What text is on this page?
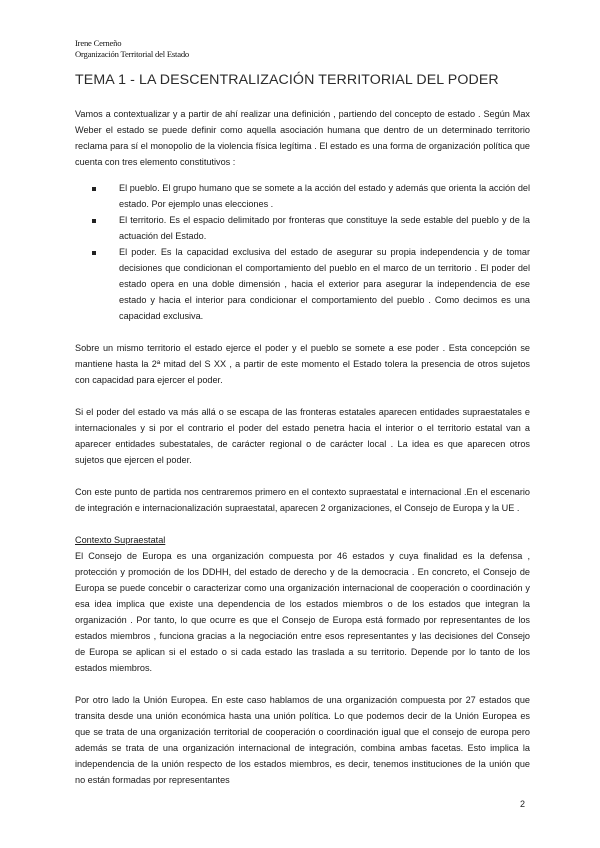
Irene Cerneño
Organización Territorial del Estado
TEMA 1 - LA DESCENTRALIZACIÓN TERRITORIAL DEL PODER

Vamos a contextualizar y a partir de ahí realizar una definición , partiendo del concepto de estado . Según Max Weber el estado se puede definir como aquella asociación humana que dentro de un determinado territorio reclama para sí el monopolio de la violencia física legítima . El estado es una forma de organización política que cuenta con tres elemento constitutivos :

El pueblo. El grupo humano que se somete a la acción del estado y además que orienta la acción del estado. Por ejemplo unas elecciones .
El territorio. Es el espacio delimitado por fronteras que constituye la sede estable del pueblo y de la actuación del Estado.
El poder. Es la capacidad exclusiva del estado de asegurar su propia independencia y de tomar decisiones que condicionan el comportamiento del pueblo en el marco de un territorio . El poder del estado opera en una doble dimensión , hacia el exterior para asegurar la independencia de ese estado y hacia el interior para condicionar el comportamiento del pueblo . Como decimos es una capacidad exclusiva.

Sobre un mismo territorio el estado ejerce el poder y el pueblo se somete a ese poder . Esta concepción se mantiene hasta la 2ª mitad del S XX , a partir de este momento el Estado tolera la presencia de otros sujetos con capacidad para ejercer el poder.

Si el poder del estado va más allá o se escapa de las fronteras estatales aparecen entidades supraestatales e internacionales y si por el contrario el poder del estado penetra hacia el interior o el territorio estatal van a aparecer entidades subestatales, de carácter regional o de carácter local . La idea es que aparecen otros sujetos que ejercen el poder.

Con este punto de partida nos centraremos primero en el contexto supraestatal e internacional .En el escenario de integración e internacionalización supraestatal, aparecen 2 organizaciones, el Consejo de Europa y la UE .

Contexto Supraestatal

El Consejo de Europa es una organización compuesta por 46 estados y cuya finalidad es la defensa , protección y promoción de los DDHH, del estado de derecho y de la democracia . En concreto, el Consejo de Europa se puede concebir o caracterizar como una organización internacional de cooperación o coordinación y esa idea implica que existe una dependencia de los estados miembros o de los estados que integran la organización . Por tanto, lo que ocurre es que el Consejo de Europa está formado por representantes de los estados miembros , funciona gracias a la negociación entre esos representantes y las decisiones del Consejo de Europa se aplican si el estado o si cada estado las traslada a su territorio. Depende por lo tanto de los estados miembros.

Por otro lado la Unión Europea. En este caso hablamos de una organización compuesta por 27 estados que transita desde una unión económica hasta una unión política. Lo que podemos decir de la Unión Europea es que se trata de una organización territorial de cooperación o coordinación igual que el consejo de europa pero además se trata de una organización internacional de integración, combina ambas facetas. Esto implica la independencia de la unión respecto de los estados miembros, es decir, tenemos instituciones de la unión que no están formadas por representantes

2
